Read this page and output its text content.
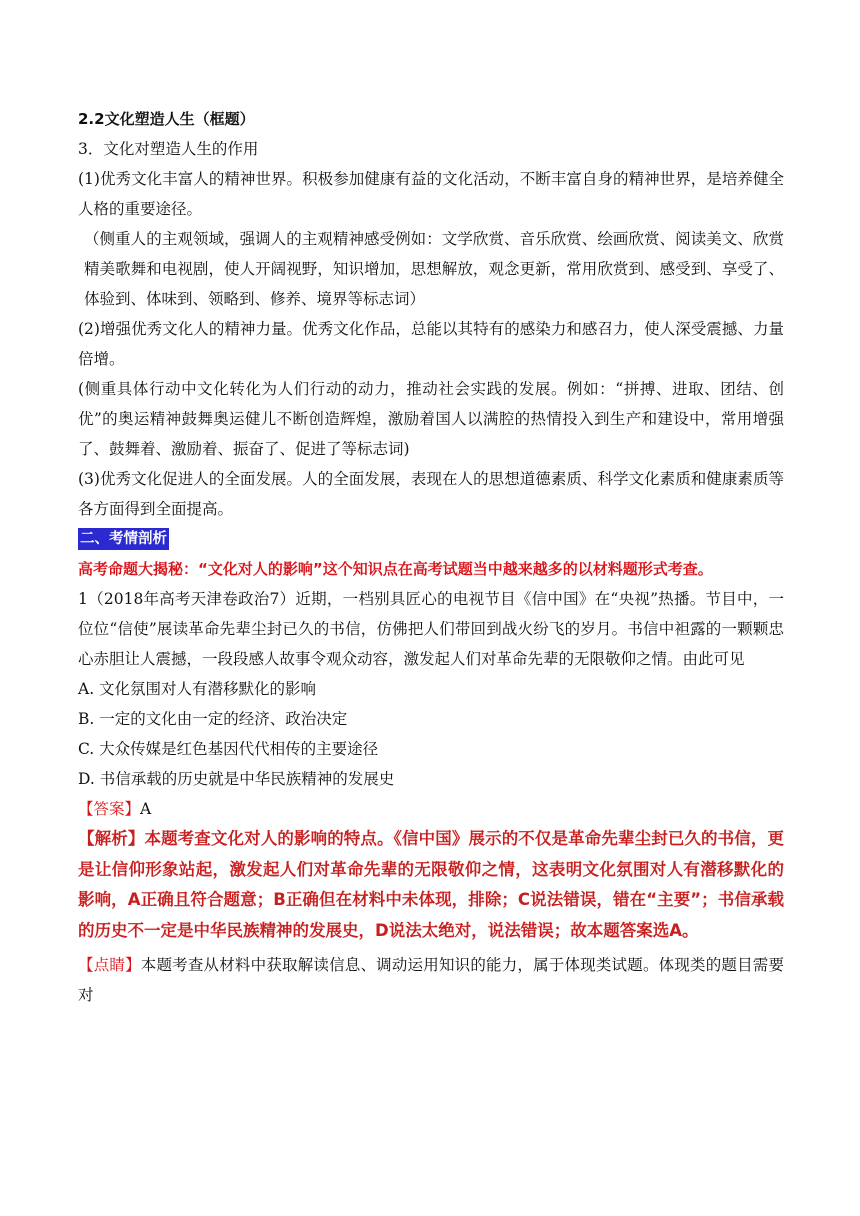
2.2文化塑造人生（框题）

3．文化对塑造人生的作用

(1)优秀文化丰富人的精神世界。积极参加健康有益的文化活动，不断丰富自身的精神世界，是培养健全人格的重要途径。

（侧重人的主观领域，强调人的主观精神感受例如：文学欣赏、音乐欣赏、绘画欣赏、阅读美文、欣赏精美歌舞和电视剧，使人开阔视野，知识增加，思想解放，观念更新，常用欣赏到、感受到、享受了、体验到、体味到、领略到、修养、境界等标志词）

(2)增强优秀文化人的精神力量。优秀文化作品，总能以其特有的感染力和感召力，使人深受震撼、力量倍增。

(侧重具体行动中文化转化为人们行动的动力，推动社会实践的发展。例如：“拼搏、进取、团结、创优”的奥运精神鼓舞奥运健儿不断创造辉煌，激励着国人以满腔的热情投入到生产和建设中，常用增强了、鼓舞着、激励着、振奋了、促进了等标志词)

(3)优秀文化促进人的全面发展。人的全面发展，表现在人的思想道德素质、科学文化素质和健康素质等各方面得到全面提高。

二、考情剖析

高考命题大揭秘：“文化对人的影响”这个知识点在高考试题当中越来越多的以材料题形式考查。

1（2018年高考天津卷政治7）近期，一档别具匠心的电视节目《信中国》在“央视”热播。节目中，一位位“信使”展读革命先辈尘封已久的书信，仿佛把人们带回到战火纷飞的岁月。书信中袒露的一颗颗忠心赤胆让人震撼，一段段感人故事令观众动容，激发起人们对革命先辈的无限敬仰之情。由此可见

A. 文化氛围对人有潜移默化的影响

B. 一定的文化由一定的经济、政治决定

C. 大众传媒是红色基因代代相传的主要途径

D. 书信承载的历史就是中华民族精神的发展史

【答案】A

【解析】本题考查文化对人的影响的特点。《信中国》展示的不仅是革命先辈尘封已久的书信，更是让信仰形象站起，激发起人们对革命先辈的无限敬仰之情，这表明文化氛围对人有潜移默化的影响，A正确且符合题意；B正确但在材料中未体现，排除；C说法错误，错在“主要”；书信承载的历史不一定是中华民族精神的发展史，D说法太绝对，说法错误；故本题答案选A。

【点睛】本题考查从材料中获取解读信息、调动运用知识的能力，属于体现类试题。体现类的题目需要对
